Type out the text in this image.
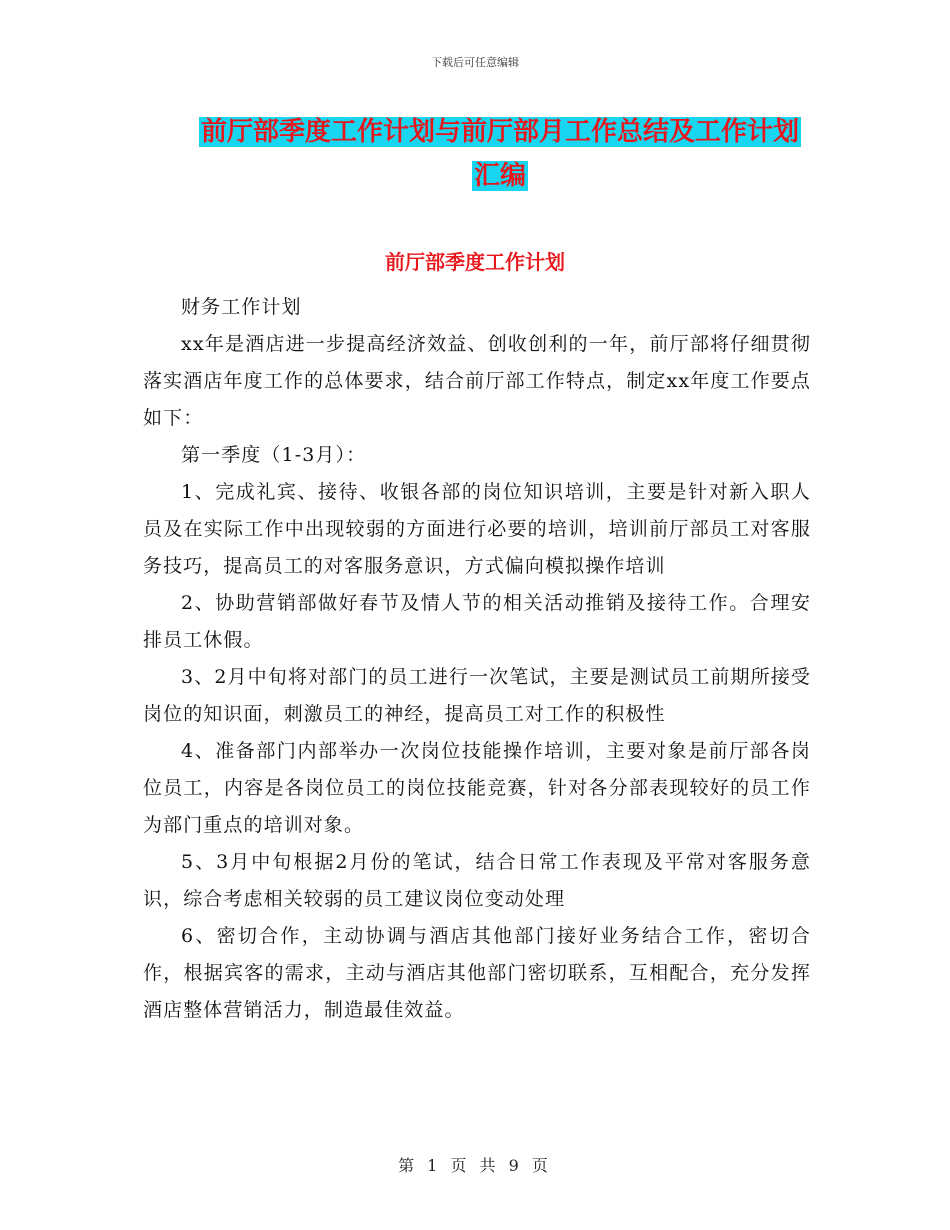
下载后可任意编辑
前厅部季度工作计划与前厅部月工作总结及工作计划
汇编
前厅部季度工作计划

财务工作计划

xx年是酒店进一步提高经济效益、创收创利的一年，前厅部将仔细贯彻落实酒店年度工作的总体要求，结合前厅部工作特点，制定xx年度工作要点如下：

第一季度（1-3月）：

1、完成礼宾、接待、收银各部的岗位知识培训，主要是针对新入职人员及在实际工作中出现较弱的方面进行必要的培训，培训前厅部员工对客服务技巧，提高员工的对客服务意识，方式偏向模拟操作培训

2、协助营销部做好春节及情人节的相关活动推销及接待工作。合理安排员工休假。

3、2月中旬将对部门的员工进行一次笔试，主要是测试员工前期所接受岗位的知识面，刺激员工的神经，提高员工对工作的积极性

4、准备部门内部举办一次岗位技能操作培训，主要对象是前厅部各岗位员工，内容是各岗位员工的岗位技能竞赛，针对各分部表现较好的员工作为部门重点的培训对象。

5、3月中旬根据2月份的笔试，结合日常工作表现及平常对客服务意识，综合考虑相关较弱的员工建议岗位变动处理

6、密切合作，主动协调与酒店其他部门接好业务结合工作，密切合作，根据宾客的需求，主动与酒店其他部门密切联系，互相配合，充分发挥酒店整体营销活力，制造最佳效益。

第 1 页 共 9 页
